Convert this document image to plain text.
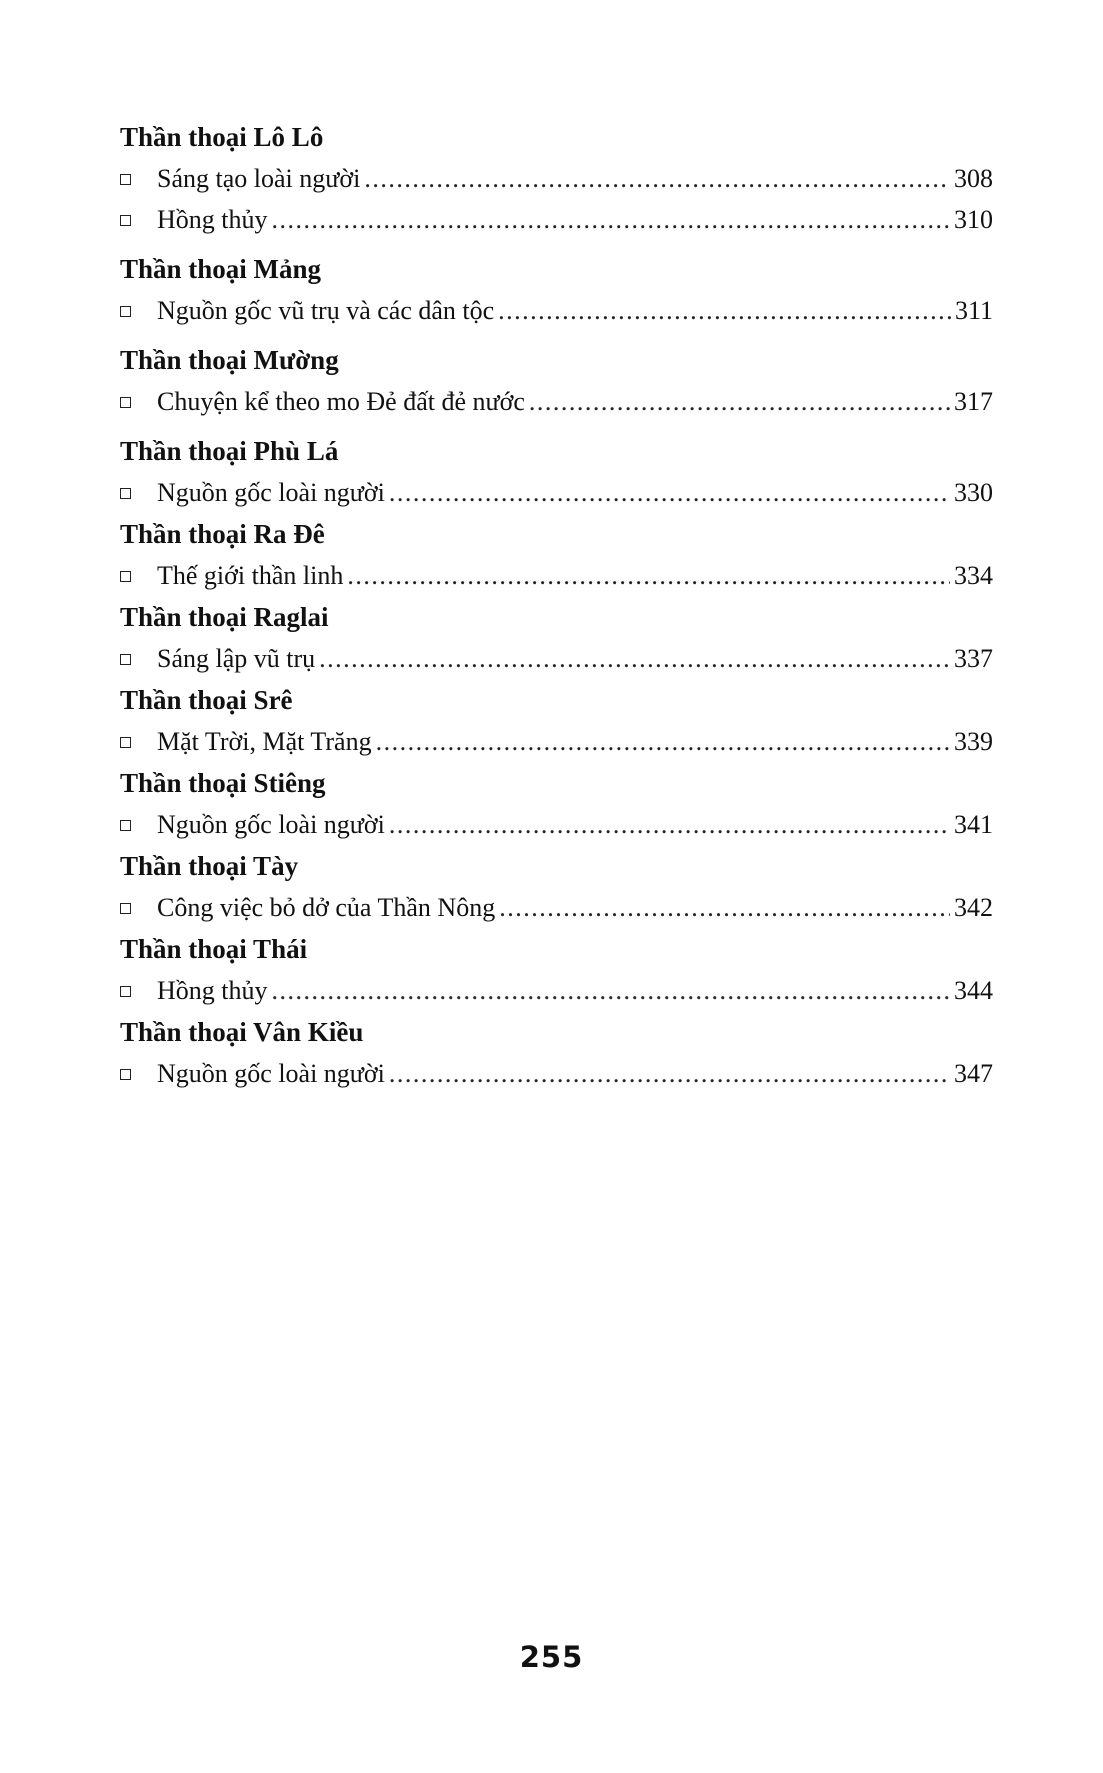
Thần thoại Lô Lô
Sáng tạo loài người .....	308
Hồng thủy .....	310
Thần thoại Mảng
Nguồn gốc vũ trụ và các dân tộc .....	311
Thần thoại Mường
Chuyện kể theo mo Đẻ đất đẻ nước .....	317
Thần thoại Phù Lá
Nguồn gốc loài người .....	330
Thần thoại Ra Đê
Thế giới thần linh .....	334
Thần thoại Raglai
Sáng lập vũ trụ .....	337
Thần thoại Srê
Mặt Trời, Mặt Trăng .....	339
Thần thoại Stiêng
Nguồn gốc loài người .....	341
Thần thoại Tày
Công việc bỏ dở của Thần Nông .....	342
Thần thoại Thái
Hồng thủy .....	344
Thần thoại Vân Kiều
Nguồn gốc loài người .....	347
255
